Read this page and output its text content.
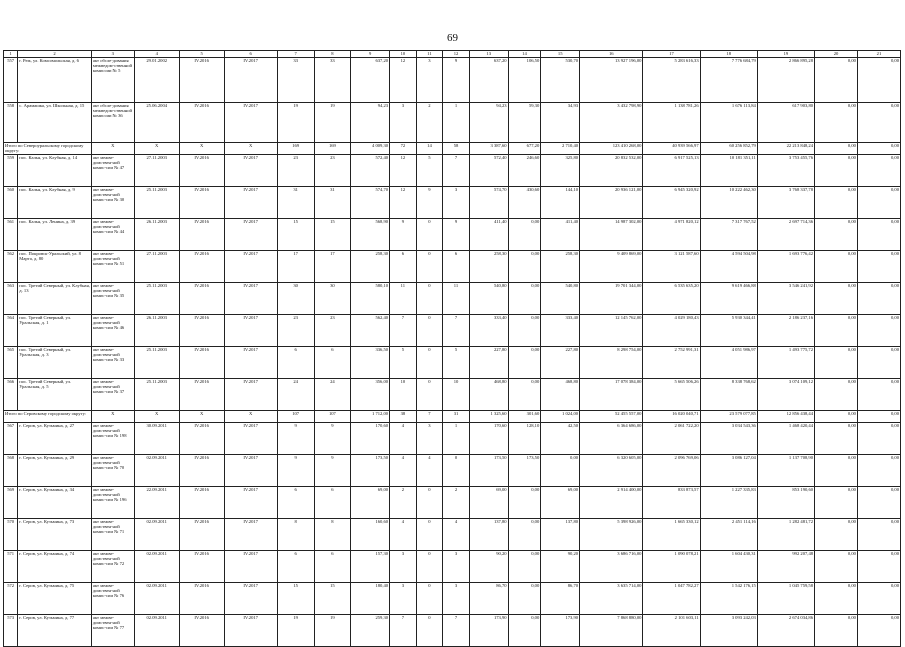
69
1	2	3	4	5	6	7	8	9	10	11	12	13	14	15	16	17	18	19	20	21
557	г. Реж, ул. Комсомольская, д. 6	акт обсле-дования межведом-ственной комиссии № 5	29.01.2002	IV.2016	IV.2017	33	33	637,20	12	3	9	637,20	106,50	530,70	13 927 196,00	5 283 616,33	7 776 684,79	2 866 895,28	0,00	0,00
558	с. Арамашка, ул. Школьная, д. 15	акт обсле-дования межведом-ственной комиссии № 36	25.06.2004	IV.2016	IV.2017	19	19	94,23	3	2	1	94,23	59,30	34,93	3 432 798,90	1 138 781,26	1 676 113,84	617 903,80	0,00	0,00
Итого по Североуральскому городскому округу:		X	X	X	X	169	169	4 009,30	72	14	58	3 387,60	677,20	2 710,40	123 410 268,00	40 939 566,97	60 256 852,79	22 213 848,24	0,00	0,00
559	пос. Калья, ул. Клубная, д. 14	акт межве-домствен-ной комис-сии № 47	27.11.2003	IV.2016	IV.2017	23	23	572,40	12	5	7	572,40	246,60	325,80	20 832 532,00	6 917 525,13	10 181 351,11	3 753 455,76	0,00	0,00
560	пос. Калья, ул. Клубная, д. 9	акт межве-домствен-ной комис-сии № 30	25.11.2003	IV.2016	IV.2017	31	31	574,70	12	9	3	574,70	430,60	144,10	20 936 121,00	6 945 320,92	10 222 462,30	3 768 337,78	0,00	0,00
561	пос. Калья, ул. Ленина, д. 39	акт межве-домствен-ной комис-сии № 44	26.11.2003	IV.2016	IV.2017	15	15	568,90	9	0	9	411,40	0,00	411,40	14 987 302,00	4 971 820,12	7 317 767,52	2 697 714,36	0,00	0,00
562	пос. Покровск-Уральский, ул. 8 Марта, д. 80	акт межве-домствен-ной комис-сии № 51	27.11.2003	IV.2016	IV.2017	17	17	258,30	6	0	6	258,30	0,00	258,30	9 409 869,00	3 121 587,60	4 594 504,98	1 693 776,42	0,00	0,00
563	пос. Третий Северный, ул. Клубная, д. 13	акт межве-домствен-ной комис-сии № 35	25.11.2003	IV.2016	IV.2017	30	30	580,10	11	0	11	540,80	0,00	540,80	19 701 344,00	6 535 635,20	9 619 466,88	3 546 241,92	0,00	0,00
564	пос. Третий Северный, ул. Уральская, д. 1	акт межве-домствен-ной комис-сии № 46	26.11.2003	IV.2016	IV.2017	23	23	562,40	7	0	7	333,40	0,00	333,40	12 145 762,00	4 029 180,43	5 930 344,41	2 186 237,16	0,00	0,00
565	пос. Третий Северный, ул. Уральская, д. 3	акт межве-домствен-ной комис-сии № 33	25.11.2003	IV.2016	IV.2017	6	6	336,50	5	0	5	227,80	0,00	227,80	8 298 754,00	2 752 991,31	4 051 986,97	1 493 775,72	0,00	0,00
566	пос. Третий Северный, ул. Уральская, д. 5	акт межве-домствен-ной комис-сии № 37	25.11.2003	IV.2016	IV.2017	24	24	356,00	10	0	10	468,80	0,00	468,80	17 078 384,00	5 665 506,26	8 338 768,62	3 074 109,12	0,00	0,00
Итого по Серовскому городскому округу:		X	X	X	X	107	107	1 712,00	38	7	31	1 325,60	301,60	1 024,00	52 455 557,00	16 020 040,71	23 579 077,85	12 856 438,44	0,00	0,00
567	г. Серов, ул. Кузьмина, д. 27	акт межве-домствен-ной комис-сии № 198	30.09.2011	IV.2016	IV.2017	9	9	170,60	4	3	1	170,60	128,10	42,50	6 364 686,00	2 061 722,20	3 034 543,36	1 468 420,44	0,00	0,00
568	г. Серов, ул. Кузьмина, д. 29	акт межве-домствен-ной комис-сии № 70	02.09.2011	IV.2016	IV.2017	9	9	173,50	4	4	0	173,50	173,50	0,00	6 320 605,00	2 096 769,06	3 086 127,04	1 137 708,90	0,00	0,00
569	г. Серов, ул. Кузьмина, д. 34	акт межве-домствен-ной комис-сии № 196	22.09.2011	IV.2016	IV.2017	6	6	69,00	2	0	2	69,00	0,00	69,00	2 914 400,00	833 873,57	1 227 335,83	853 190,60	0,00	0,00
570	г. Серов, ул. Кузьмина, д. 73	акт межве-домствен-ной комис-сии № 71	02.09.2011	IV.2016	IV.2017	8	8	160,60	4	0	4	137,80	0,00	137,80	5 398 926,00	1 665 330,12	2 451 114,16	1 282 481,72	0,00	0,00
571	г. Серов, ул. Кузьмина, д. 74	акт межве-домствен-ной комис-сии № 72	02.09.2011	IV.2016	IV.2017	6	6	157,30	3	0	3	90,20	0,00	90,20	3 686 716,00	1 090 078,21	1 604 430,31	992 207,48	0,00	0,00
572	г. Серов, ул. Кузьмина, д. 75	акт межве-домствен-ной комис-сии № 76	02.09.2011	IV.2016	IV.2017	15	15	180,40	3	0	3	86,70	0,00	86,70	3 635 714,00	1 047 782,27	1 542 176,15	1 045 759,58	0,00	0,00
573	г. Серов, ул. Кузьмина, д. 77	акт межве-домствен-ной комис-сии № 77	02.09.2011	IV.2016	IV.2017	19	19	259,30	7	0	7	173,90	0,00	173,90	7 868 880,00	2 101 603,11	3 093 242,03	2 674 034,86	0,00	0,00
